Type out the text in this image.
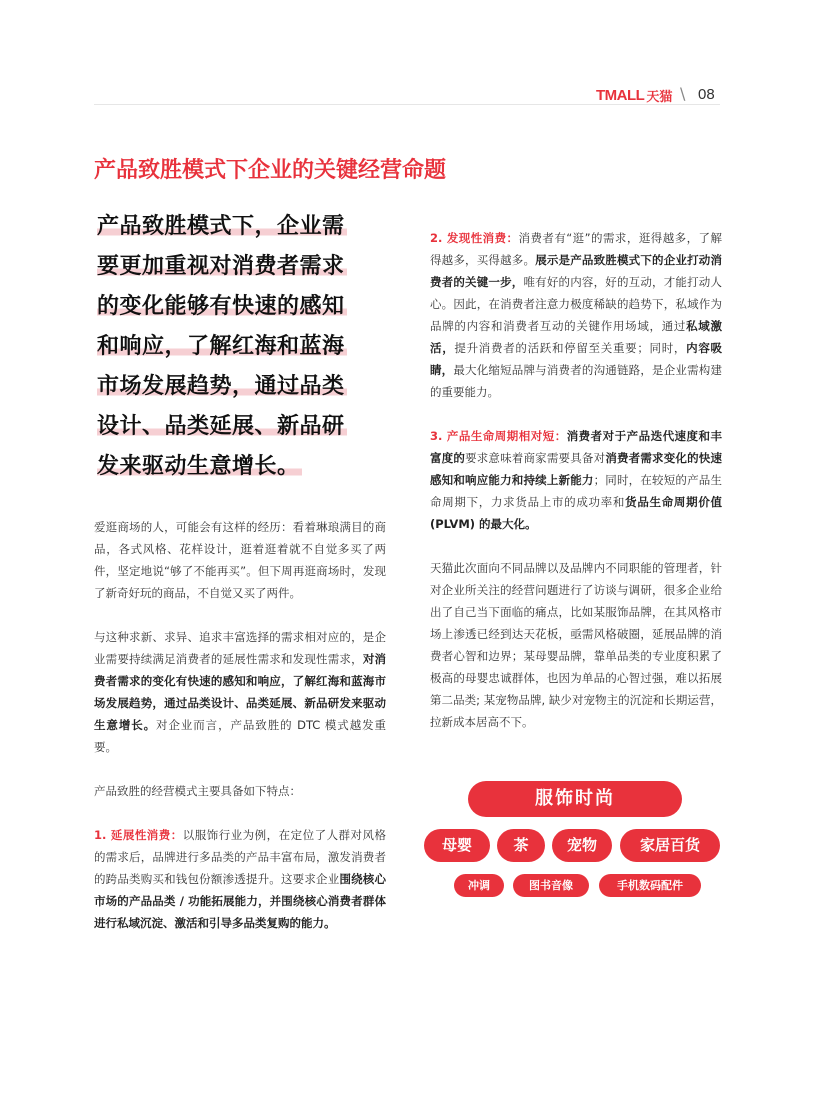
TMALL 天猫 \ 08
产品致胜模式下企业的关键经营命题
产品致胜模式下，企业需
要更加重视对消费者需求
的变化能够有快速的感知
和响应，了解红海和蓝海
市场发展趋势，通过品类
设计、品类延展、新品研
发来驱动生意增长。

爱逛商场的人，可能会有这样的经历：看着琳琅满目的商品，各式风格、花样设计，逛着逛着就不自觉多买了两件，坚定地说“够了不能再买”。但下周再逛商场时，发现了新奇好玩的商品，不自觉又买了两件。

与这种求新、求异、追求丰富选择的需求相对应的，是企业需要持续满足消费者的延展性需求和发现性需求，对消费者需求的变化有快速的感知和响应，了解红海和蓝海市场发展趋势，通过品类设计、品类延展、新品研发来驱动生意增长。对企业而言，产品致胜的 DTC 模式越发重要。

产品致胜的经营模式主要具备如下特点：

1. 延展性消费：以服饰行业为例，在定位了人群对风格的需求后，品牌进行多品类的产品丰富布局，激发消费者的跨品类购买和钱包份额渗透提升。这要求企业围绕核心市场的产品品类 / 功能拓展能力，并围绕核心消费者群体进行私域沉淀、激活和引导多品类复购的能力。

2. 发现性消费：消费者有“逛”的需求，逛得越多，了解得越多，买得越多。展示是产品致胜模式下的企业打动消费者的关键一步，唯有好的内容，好的互动，才能打动人心。因此，在消费者注意力极度稀缺的趋势下，私域作为品牌的内容和消费者互动的关键作用场域，通过私域激活，提升消费者的活跃和停留至关重要；同时，内容吸睛，最大化缩短品牌与消费者的沟通链路，是企业需构建的重要能力。

3. 产品生命周期相对短：消费者对于产品迭代速度和丰富度的要求意味着商家需要具备对消费者需求变化的快速感知和响应能力和持续上新能力；同时，在较短的产品生命周期下，力求货品上市的成功率和货品生命周期价值 (PLVM) 的最大化。

天猫此次面向不同品牌以及品牌内不同职能的管理者，针对企业所关注的经营问题进行了访谈与调研，很多企业给出了自己当下面临的痛点，比如某服饰品牌，在其风格市场上渗透已经到达天花板，亟需风格破圈，延展品牌的消费者心智和边界；某母婴品牌，靠单品类的专业度积累了极高的母婴忠诚群体，也因为单品的心智过强，难以拓展第二品类; 某宠物品牌, 缺少对宠物主的沉淀和长期运营，拉新成本居高不下。

服饰时尚
母婴	茶	宠物	家居百货
冲调	图书音像	手机数码配件
